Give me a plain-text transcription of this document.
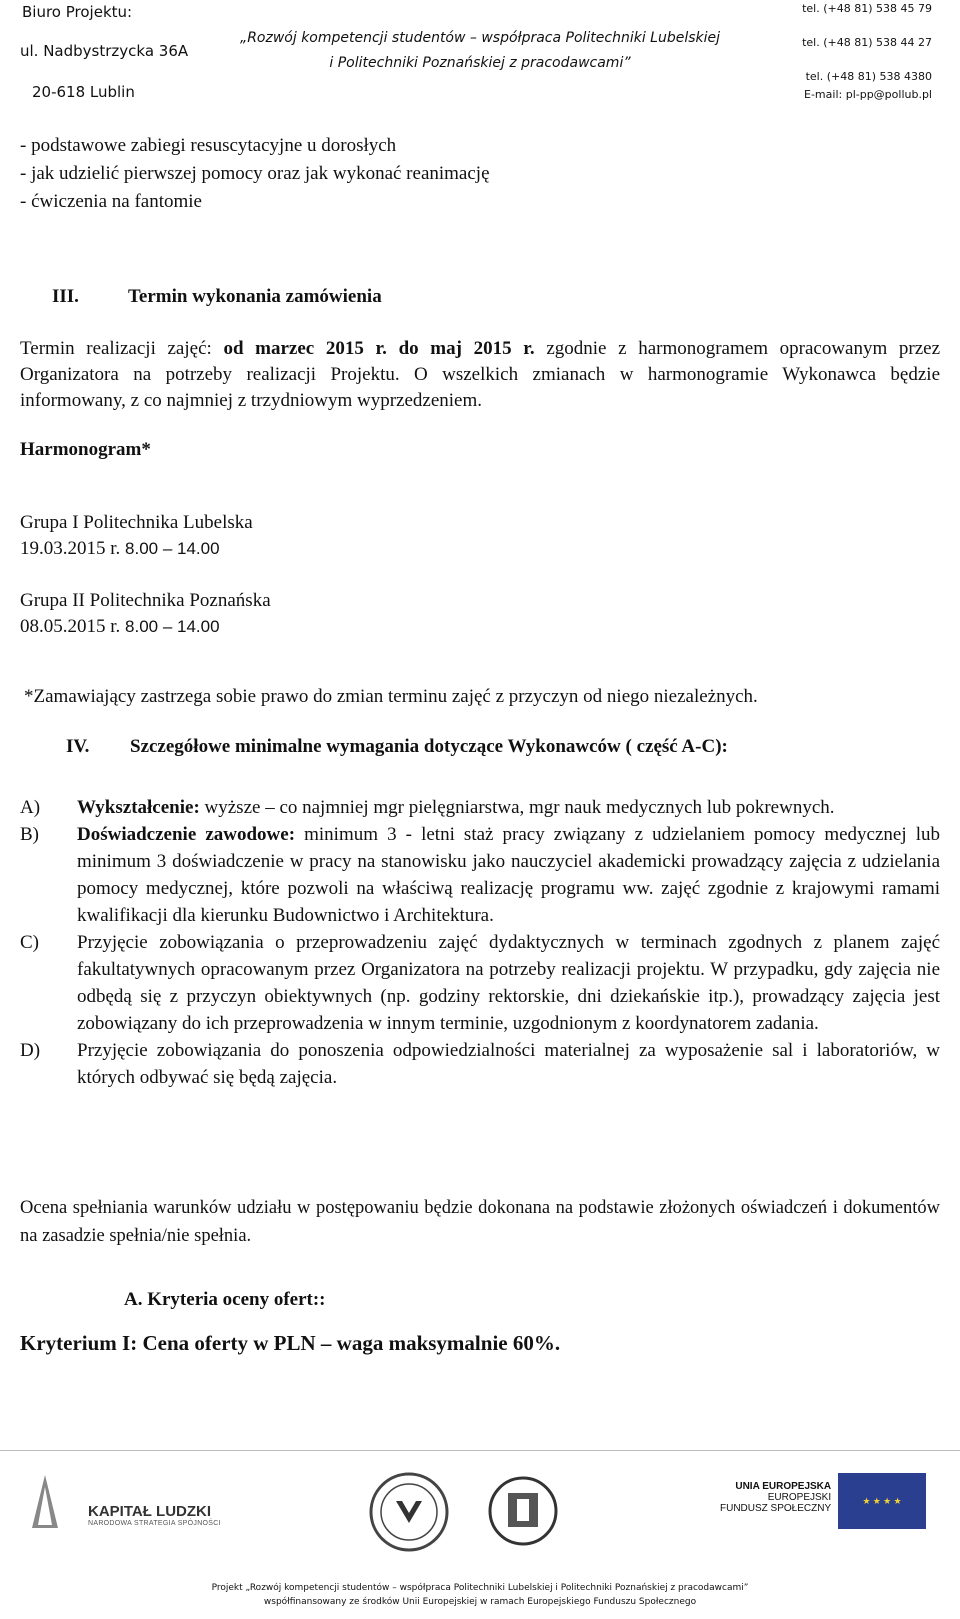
Biuro Projektu:
ul. Nadbystrzycka 36A
20-618 Lublin
„Rozwój kompetencji studentów – współpraca Politechniki Lubelskiej
i Politechniki Poznańskiej z pracodawcami”
tel. (+48 81) 538 45 79
tel. (+48 81) 538 44 27
tel. (+48 81) 538 4380
E-mail: pl-pp@pollub.pl
- podstawowe zabiegi resuscytacyjne u dorosłych
- jak udzielić pierwszej pomocy oraz jak wykonać reanimację
- ćwiczenia na fantomie
III.	Termin wykonania zamówienia
Termin realizacji zajęć: od marzec 2015 r. do maj 2015 r. zgodnie z harmonogramem opracowanym przez Organizatora na potrzeby realizacji Projektu. O wszelkich zmianach w harmonogramie Wykonawca będzie informowany, z co najmniej z trzydniowym wyprzedzeniem.
Harmonogram*
Grupa I Politechnika Lubelska
19.03.2015 r. 8.00 – 14.00
Grupa II Politechnika Poznańska
08.05.2015 r. 8.00 – 14.00
*Zamawiający zastrzega sobie prawo do zmian terminu zajęć z przyczyn od niego niezależnych.
IV.	Szczegółowe minimalne wymagania dotyczące Wykonawców ( część A-C):
A) Wykształcenie: wyższe – co najmniej mgr pielęgniarstwa, mgr nauk medycznych lub pokrewnych.
B) Doświadczenie zawodowe: minimum 3 - letni staż pracy związany z udzielaniem pomocy medycznej lub minimum 3 doświadczenie w pracy na stanowisku jako nauczyciel akademicki prowadzący zajęcia z udzielania pomocy medycznej, które pozwoli na właściwą realizację programu ww. zajęć zgodnie z krajowymi ramami kwalifikacji dla kierunku Budownictwo i Architektura.
C) Przyjęcie zobowiązania o przeprowadzeniu zajęć dydaktycznych w terminach zgodnych z planem zajęć fakultatywnych opracowanym przez Organizatora na potrzeby realizacji projektu. W przypadku, gdy zajęcia nie odbędą się z przyczyn obiektywnych (np. godziny rektorskie, dni dziekańskie itp.), prowadzący zajęcia jest zobowiązany do ich przeprowadzenia w innym terminie, uzgodnionym z koordynatorem zadania.
D) Przyjęcie zobowiązania do ponoszenia odpowiedzialności materialnej za wyposażenie sal i laboratoriów, w których odbywać się będą zajęcia.
Ocena spełniania warunków udziału w postępowaniu będzie dokonana na podstawie złożonych oświadczeń i dokumentów na zasadzie spełnia/nie spełnia.
A. Kryteria oceny ofert::
Kryterium I: Cena oferty w PLN – waga maksymalnie 60%.
KAPITAŁ LUDZKI
NARODOWA STRATEGIA SPÓJNOŚCI
UNIA EUROPEJSKA
EUROPEJSKI
FUNDUSZ SPOŁECZNY
★ ★ ★ ★
Projekt „Rozwój kompetencji studentów – współpraca Politechniki Lubelskiej i Politechniki Poznańskiej z pracodawcami”
współfinansowany ze środków Unii Europejskiej w ramach Europejskiego Funduszu Społecznego
